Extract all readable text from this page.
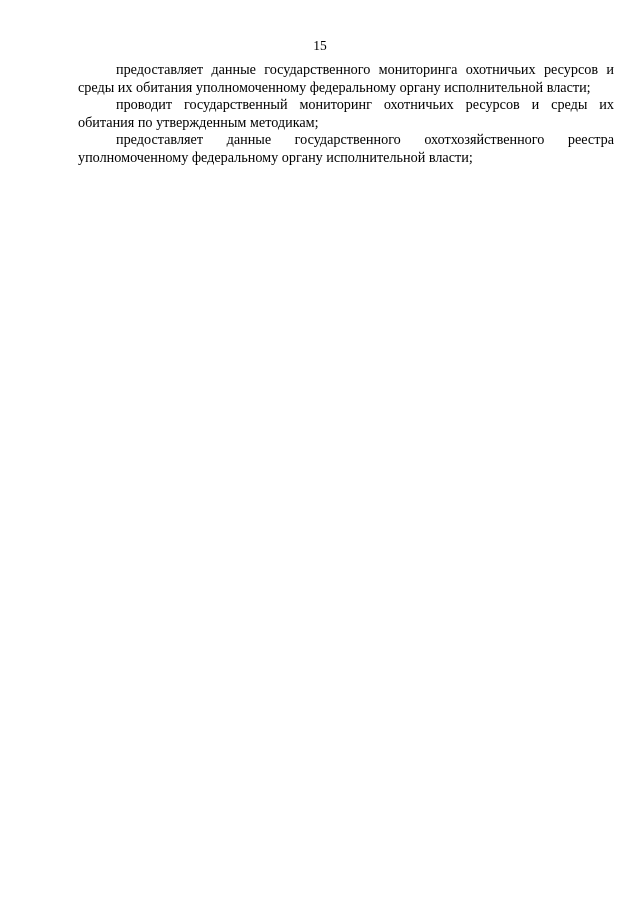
15

предоставляет данные государственного мониторинга охотничьих ресурсов и среды их обитания уполномоченному федеральному органу исполнительной власти;

проводит государственный мониторинг охотничьих ресурсов и среды их обитания по утвержденным методикам;

предоставляет данные государственного охотхозяйственного реестра уполномоченному федеральному органу исполнительной власти;
